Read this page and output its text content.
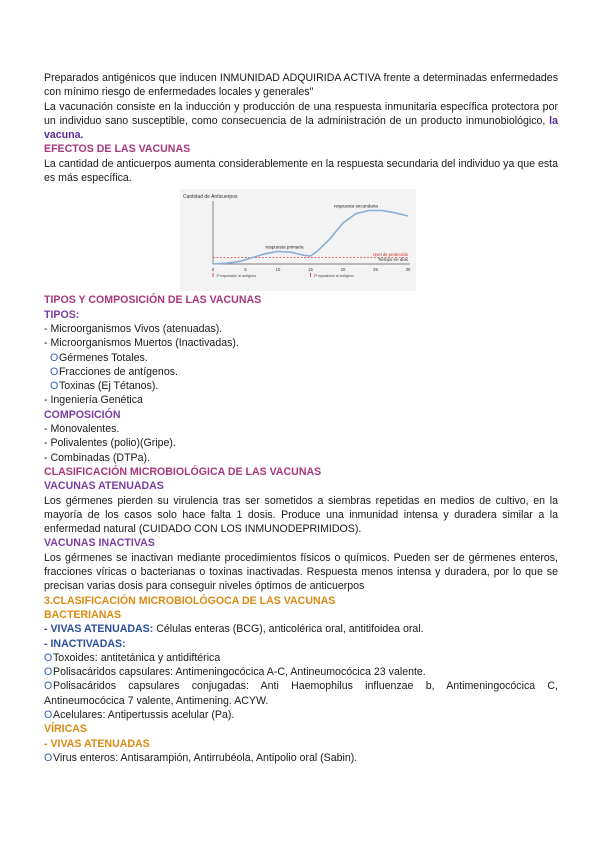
Preparados antigénicos que inducen INMUNIDAD ADQUIRIDA ACTIVA frente a determinadas enfermedades con mínimo riesgo de enfermedades locales y generales"

La vacunación consiste en la inducción y producción de una respuesta inmunitaria específica protectora por un individuo sano susceptible, como consecuencia de la administración de un producto inmunobiológico, la vacuna.

EFECTOS DE LAS VACUNAS

La cantidad de anticuerpos aumenta considerablemente en la respuesta secundaria del individuo ya que esta es más específica.

Cantidad de Anticuerpos
nivel de protección
respuesta primaria
respuesta secundaria
0	5	10	15	20	25	30
Tiempo en días
1ª exposición al antígeno	2ª exposición al antígeno

TIPOS Y COMPOSICIÓN DE LAS VACUNAS

TIPOS:

- Microorganismos Vivos (atenuadas).

- Microorganismos Muertos (Inactivadas).

OGérmenes Totales.

OFracciones de antígenos.

OToxinas (Ej Tétanos).

- Ingeniería Genética

COMPOSICIÓN

- Monovalentes.

- Polivalentes (polio)(Gripe).

- Combinadas (DTPa).

CLASIFICACIÓN MICROBIOLÓGICA DE LAS VACUNAS

VACUNAS ATENUADAS

Los gérmenes pierden su virulencia tras ser sometidos a siembras repetidas en medios de cultivo, en la mayoría de los casos solo hace falta 1 dosis. Produce una inmunidad intensa y duradera similar a la enfermedad natural (CUIDADO CON LOS INMUNODEPRIMIDOS).

VACUNAS INACTIVAS

Los gérmenes se inactivan mediante procedimientos físicos o químicos. Pueden ser de gérmenes enteros, fracciones víricas o bacterianas o toxinas inactivadas. Respuesta menos intensa y duradera, por lo que se precisan varias dosis para conseguir niveles óptimos de anticuerpos

3.CLASIFICACIÓN MICROBIOLÓGOCA DE LAS VACUNAS

BACTERIANAS

- VIVAS ATENUADAS: Células enteras (BCG), anticolérica oral, antitifoidea oral.

- INACTIVADAS:

OToxoides: antitetánica y antidiftérica

OPolisacáridos capsulares: Antimeningocócica A-C, Antineumocócica 23 valente.

OPolisacáridos capsulares conjugadas: Anti Haemophilus influenzae b, Antimeningocócica C, Antineumocócica 7 valente, Antimening. ACYW.

OAcelulares: Antipertussis acelular (Pa).

VÍRICAS

- VIVAS ATENUADAS

OVirus enteros: Antisarampión, Antirrubéola, Antipolio oral (Sabin).
